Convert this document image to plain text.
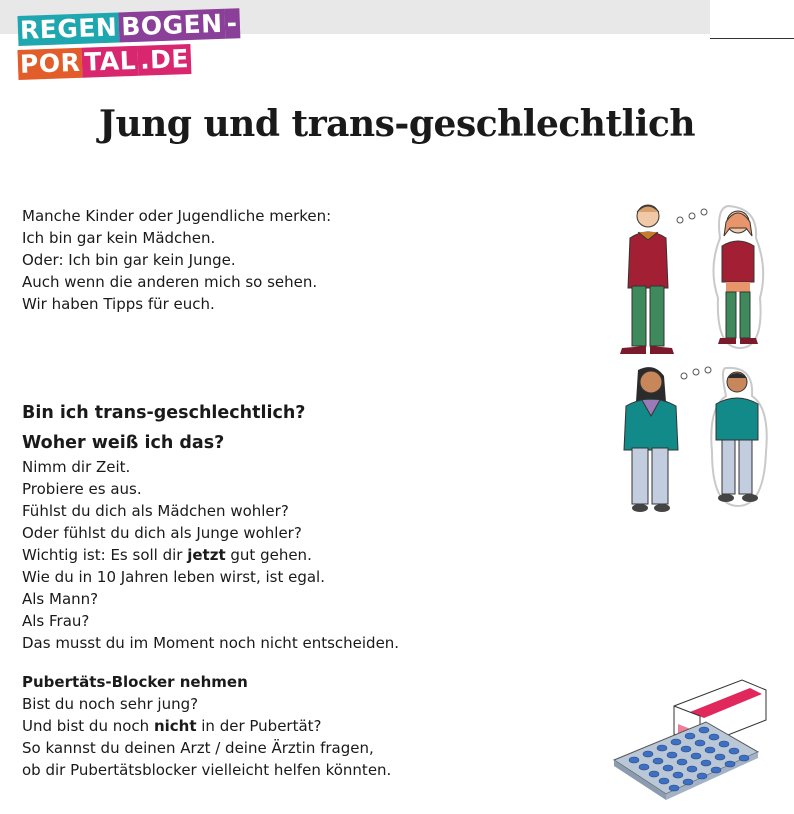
REGEN BOGEN -
POR TAL .DE
Jung und trans-geschlechtlich

Manche Kinder oder Jugendliche merken:

Ich bin gar kein Mädchen.

Oder: Ich bin gar kein Junge.

Auch wenn die anderen mich so sehen.

Wir haben Tipps für euch.

Bin ich trans-geschlechtlich?
Woher weiß ich das?

Nimm dir Zeit.

Probiere es aus.

Fühlst du dich als Mädchen wohler?

Oder fühlst du dich als Junge wohler?

Wichtig ist: Es soll dir jetzt gut gehen.

Wie du in 10 Jahren leben wirst, ist egal.

Als Mann?

Als Frau?

Das musst du im Moment noch nicht entscheiden.

Pubertäts-Blocker nehmen

Bist du noch sehr jung?

Und bist du noch nicht in der Pubertät?

So kannst du deinen Arzt / deine Ärztin fragen,

ob dir Pubertätsblocker vielleicht helfen könnten.
